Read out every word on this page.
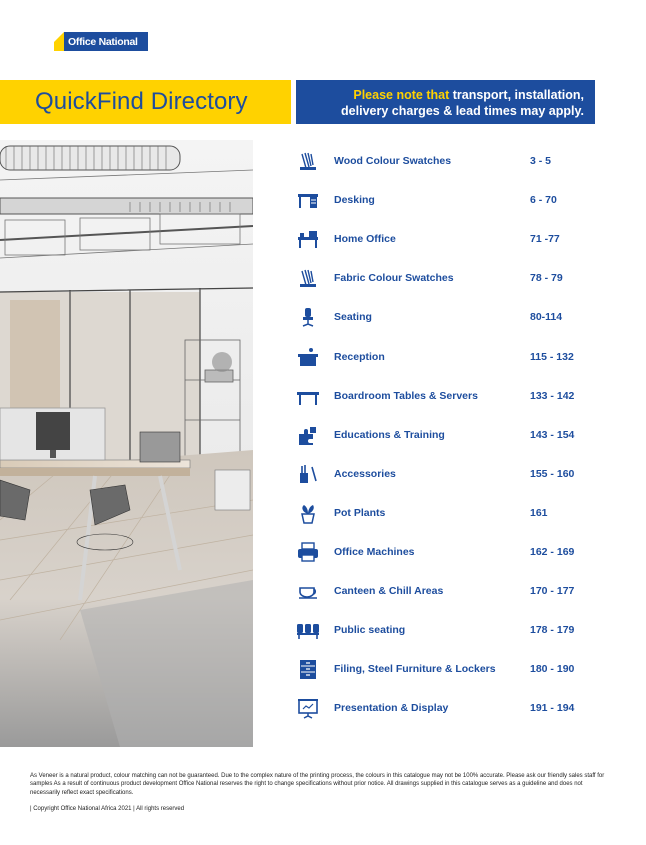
Office National
QuickFind Directory	Please note that transport, installation,
delivery charges & lead times may apply.
Wood Colour Swatches	3 - 5
Desking	6 - 70
Home Office	71 -77
Fabric Colour Swatches	78 - 79
Seating	80-114
Reception	115 - 132
Boardroom Tables & Servers	133 - 142
Educations & Training	143 - 154
Accessories	155 - 160
Pot Plants	161
Office Machines	162 - 169
Canteen & Chill Areas	170 - 177
Public seating	178 - 179
Filing, Steel Furniture & Lockers	180 - 190
Presentation & Display	191 - 194

As Veneer is a natural product, colour matching can not be guaranteed. Due to the complex nature of the printing process, the colours in this catalogue may not be 100% accurate. Please ask our friendly sales staff for samples As a result of continuous product development Office National reserves the right to change specifications without prior notice. All drawings supplied in this catalogue serves as a guideline and does not necessarily reflect exact specifications.

| Copyright Office National Africa 2021 | All rights reserved
